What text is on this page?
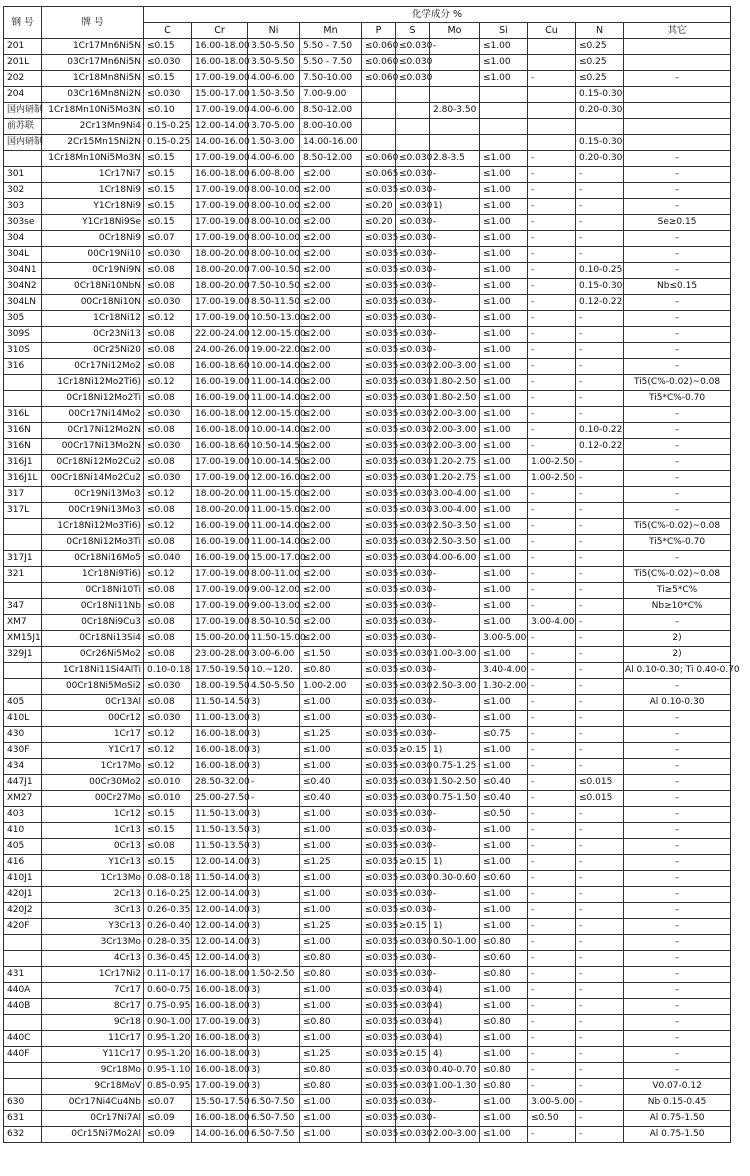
钢 号	牌 号	化学成分 %										
		C	Cr	Ni	Mn	P	S	Mo	Si	Cu	N	其它
201	1Cr17Mn6Ni5N	≤0.15	16.00-18.00	3.50-5.50	5.50 - 7.50	≤0.060	≤0.030	-	≤1.00		≤0.25	
201L	03Cr17Mn6Ni5N	≤0.030	16.00-18.00	3.50-5.50	5.50 - 7.50	≤0.060	≤0.030		≤1.00		≤0.25	
202	1Cr18Mn8Ni5N	≤0.15	17.00-19.00	4.00-6.00	7.50-10.00	≤0.060	≤0.030		≤1.00	-	≤0.25	-
204	03Cr16Mn8Ni2N	≤0.030	15.00-17.00	1.50-3.50	7.00-9.00						0.15-0.30	
国内研制	1Cr18Mn10Ni5Mo3N	≤0.10	17.00-19.00	4.00-6.00	8.50-12.00			2.80-3.50			0.20-0.30	
前苏联	2Cr13Mn9Ni4	0.15-0.25	12.00-14.00	3.70-5.00	8.00-10.00							
国内研制	2Cr15Mn15Ni2N	0.15-0.25	14.00-16.00	1.50-3.00	14.00-16.00						0.15-0.30	
	1Cr18Mn10Ni5Mo3N	≤0.15	17.00-19.00	4.00-6.00	8.50-12.00	≤0.060	≤0.030	2.8-3.5	≤1.00	-	0.20-0.30	-
301	1Cr17Ni7	≤0.15	16.00-18.00	6.00-8.00	≤2.00	≤0.065	≤0.030	-	≤1.00	-	-	-
302	1Cr18Ni9	≤0.15	17.00-19.00	8.00-10.00	≤2.00	≤0.035	≤0.030	-	≤1.00	-	-	-
303	Y1Cr18Ni9	≤0.15	17.00-19.00	8.00-10.00	≤2.00	≤0.20	≤0.030	1)	≤1.00	-	-	-
303se	Y1Cr18Ni9Se	≤0.15	17.00-19.00	8.00-10.00	≤2.00	≤0.20	≤0.030	-	≤1.00	-	-	Se≥0.15
304	0Cr18Ni9	≤0.07	17.00-19.00	8.00-10.00	≤2.00	≤0.035	≤0.030	-	≤1.00	-	-	-
304L	00Cr19Ni10	≤0.030	18.00-20.00	8.00-10.00	≤2.00	≤0.035	≤0.030	-	≤1.00	-	-	-
304N1	0Cr19Ni9N	≤0.08	18.00-20.00	7.00-10.50	≤2.00	≤0.035	≤0.030	-	≤1.00	-	0.10-0.25	-
304N2	0Cr18Ni10NbN	≤0.08	18.00-20.00	7.50-10.50	≤2.00	≤0.035	≤0.030	-	≤1.00	-	0.15-0.30	Nb≤0.15
304LN	00Cr18Ni10N	≤0.030	17.00-19.00	8.50-11.50	≤2.00	≤0.035	≤0.030	-	≤1.00	-	0.12-0.22	-
305	1Cr18Ni12	≤0.12	17.00-19.00	10.50-13.00	≤2.00	≤0.035	≤0.030	-	≤1.00	-	-	-
309S	0Cr23Ni13	≤0.08	22.00-24.00	12.00-15.00	≤2.00	≤0.035	≤0.030	-	≤1.00	-	-	-
310S	0Cr25Ni20	≤0.08	24.00-26.00	19.00-22.00	≤2.00	≤0.035	≤0.030	-	≤1.00	-	-	-
316	0Cr17Ni12Mo2	≤0.08	16.00-18.60	10.00-14.00	≤2.00	≤0.035	≤0.030	2.00-3.00	≤1.00	-	-	-
	1Cr18Ni12Mo2Ti6)	≤0.12	16.00-19.00	11.00-14.00	≤2.00	≤0.035	≤0.030	1.80-2.50	≤1.00	-	-	Ti5(C%-0.02)~0.08
	0Cr18Ni12Mo2Ti	≤0.08	16.00-19.00	11.00-14.00	≤2.00	≤0.035	≤0.030	1.80-2.50	≤1.00	-	-	Ti5*C%-0.70
316L	00Cr17Ni14Mo2	≤0.030	16.00-18.00	12.00-15.00	≤2.00	≤0.035	≤0.030	2.00-3.00	≤1.00	-	-	-
316N	0Cr17Ni12Mo2N	≤0.08	16.00-18.00	10.00-14.00	≤2.00	≤0.035	≤0.030	2.00-3.00	≤1.00	-	0.10-0.22	-
316N	00Cr17Ni13Mo2N	≤0.030	16.00-18.60	10.50-14.50	≤2.00	≤0.035	≤0.030	2.00-3.00	≤1.00	-	0.12-0.22	-
316J1	0Cr18Ni12Mo2Cu2	≤0.08	17.00-19.00	10.00-14.50	≤2.00	≤0.035	≤0.030	1.20-2.75	≤1.00	1.00-2.50	-	-
316J1L	00Cr18Ni14Mo2Cu2	≤0.030	17.00-19.00	12.00-16.00	≤2.00	≤0.035	≤0.030	1.20-2.75	≤1.00	1.00-2.50	-	-
317	0Cr19Ni13Mo3	≤0.12	18.00-20.00	11.00-15.00	≤2.00	≤0.035	≤0.030	3.00-4.00	≤1.00	-	-	-
317L	00Cr19Ni13Mo3	≤0.08	18.00-20.00	11.00-15.00	≤2.00	≤0.035	≤0.030	3.00-4.00	≤1.00	-	-	-
	1Cr18Ni12Mo3Ti6)	≤0.12	16.00-19.00	11.00-14.00	≤2.00	≤0.035	≤0.030	2.50-3.50	≤1.00	-	-	Ti5(C%-0.02)~0.08
	0Cr18Ni12Mo3Ti	≤0.08	16.00-19.00	11.00-14.00	≤2.00	≤0.035	≤0.030	2.50-3.50	≤1.00	-	-	Ti5*C%-0.70
317J1	0Cr18Ni16Mo5	≤0.040	16.00-19.00	15.00-17.00	≤2.00	≤0.035	≤0.030	4.00-6.00	≤1.00	-	-	-
321	1Cr18Ni9Ti6)	≤0.12	17.00-19.00	8.00-11.00	≤2.00	≤0.035	≤0.030	-	≤1.00	-	-	Ti5(C%-0.02)~0.08
	0Cr18Ni10Ti	≤0.08	17.00-19.00	9.00-12.00	≤2.00	≤0.035	≤0.030	-	≤1.00	-	-	Ti≥5*C%
347	0Cr18Ni11Nb	≤0.08	17.00-19.00	9.00-13.00	≤2.00	≤0.035	≤0.030	-	≤1.00	-	-	Nb≥10*C%
XM7	0Cr18Ni9Cu3	≤0.08	17.00-19.00	8.50-10.50	≤2.00	≤0.035	≤0.030	-	≤1.00	3.00-4.00	-	-
XM15J1	0Cr18Ni13Si4	≤0.08	15.00-20.00	11.50-15.00	≤2.00	≤0.035	≤0.030	-	3.00-5.00	-	-	2)
329J1	0Cr26Ni5Mo2	≤0.08	23.00-28.00	3.00-6.00	≤1.50	≤0.035	≤0.030	1.00-3.00	≤1.00	-	-	2)
	1Cr18Ni11Si4AlTi	0.10-0.18	17.50-19.50	10.~120.	≤0.80	≤0.035	≤0.030	-	3.40-4.00	-	-	Al 0.10-0.30; Ti 0.40-0.70
	00Cr18Ni5MoSi2	≤0.030	18.00-19.50	4.50-5.50	1.00-2.00	≤0.035	≤0.030	2.50-3.00	1.30-2.00	-	-	-
405	0Cr13Al	≤0.08	11.50-14.50	3)	≤1.00	≤0.035	≤0.030	-	≤1.00	-	-	Al 0.10-0.30
410L	00Cr12	≤0.030	11.00-13.00	3)	≤1.00	≤0.035	≤0.030	-	≤1.00	-	-	-
430	1Cr17	≤0.12	16.00-18.00	3)	≤1.25	≤0.035	≤0.030	-	≤0.75	-	-	-
430F	Y1Cr17	≤0.12	16.00-18.00	3)	≤1.00	≤0.035	≥0.15	1)	≤1.00	-	-	-
434	1Cr17Mo	≤0.12	16.00-18.00	3)	≤1.00	≤0.035	≤0.030	0.75-1.25	≤1.00	-	-	-
447J1	00Cr30Mo2	≤0.010	28.50-32.00	-	≤0.40	≤0.035	≤0.030	1.50-2.50	≤0.40	-	≤0.015	-
XM27	00Cr27Mo	≤0.010	25.00-27.50	-	≤0.40	≤0.035	≤0.030	0.75-1.50	≤0.40	-	≤0.015	-
403	1Cr12	≤0.15	11.50-13.00	3)	≤1.00	≤0.035	≤0.030	-	≤0.50	-	-	-
410	1Cr13	≤0.15	11.50-13.50	3)	≤1.00	≤0.035	≤0.030	-	≤1.00	-	-	-
405	0Cr13	≤0.08	11.50-13.50	3)	≤1.00	≤0.035	≤0.030	-	≤1.00	-	-	-
416	Y1Cr13	≤0.15	12.00-14.00	3)	≤1.25	≤0.035	≥0.15	1)	≤1.00	-	-	-
410J1	1Cr13Mo	0.08-0.18	11.50-14.00	3)	≤1.00	≤0.035	≤0.030	0.30-0.60	≤0.60	-	-	-
420J1	2Cr13	0.16-0.25	12.00-14.00	3)	≤1.00	≤0.035	≤0.030	-	≤1.00	-	-	-
420J2	3Cr13	0.26-0.35	12.00-14.00	3)	≤1.00	≤0.035	≤0.030	-	≤1.00	-	-	-
420F	Y3Cr13	0.26-0.40	12.00-14.00	3)	≤1.25	≤0.035	≥0.15	1)	≤1.00	-	-	-
	3Cr13Mo	0.28-0.35	12.00-14.00	3)	≤1.00	≤0.035	≤0.030	0.50-1.00	≤0.80	-	-	-
	4Cr13	0.36-0.45	12.00-14.00	3)	≤0.80	≤0.035	≤0.030	-	≤0.60	-	-	-
431	1Cr17Ni2	0.11-0.17	16.00-18.00	1.50-2.50	≤0.80	≤0.035	≤0.030	-	≤0.80	-	-	-
440A	7Cr17	0.60-0.75	16.00-18.00	3)	≤1.00	≤0.035	≤0.030	4)	≤1.00	-	-	-
440B	8Cr17	0.75-0.95	16.00-18.00	3)	≤1.00	≤0.035	≤0.030	4)	≤1.00	-	-	-
	9Cr18	0.90-1.00	17.00-19.00	3)	≤0.80	≤0.035	≤0.030	4)	≤0.80	-	-	-
440C	11Cr17	0.95-1.20	16.00-18.00	3)	≤1.00	≤0.035	≤0.030	4)	≤1.00	-	-	-
440F	Y11Cr17	0.95-1.20	16.00-18.00	3)	≤1.25	≤0.035	≥0.15	4)	≤1.00	-	-	-
	9Cr18Mo	0.95-1.10	16.00-18.00	3)	≤0.80	≤0.035	≤0.030	0.40-0.70	≤0.80	-	-	-
	9Cr18MoV	0.85-0.95	17.00-19.00	3)	≤0.80	≤0.035	≤0.030	1.00-1.30	≤0.80	-	-	V0.07-0.12
630	0Cr17Ni4Cu4Nb	≤0.07	15.50-17.50	6.50-7.50	≤1.00	≤0.035	≤0.030	-	≤1.00	3.00-5.00	-	Nb 0.15-0.45
631	0Cr17Ni7Al	≤0.09	16.00-18.00	6.50-7.50	≤1.00	≤0.035	≤0.030	-	≤1.00	≤0.50	-	Al 0.75-1.50
632	0Cr15Ni7Mo2Al	≤0.09	14.00-16.00	6.50-7.50	≤1.00	≤0.035	≤0.030	2.00-3.00	≤1.00	-	-	Al 0.75-1.50
